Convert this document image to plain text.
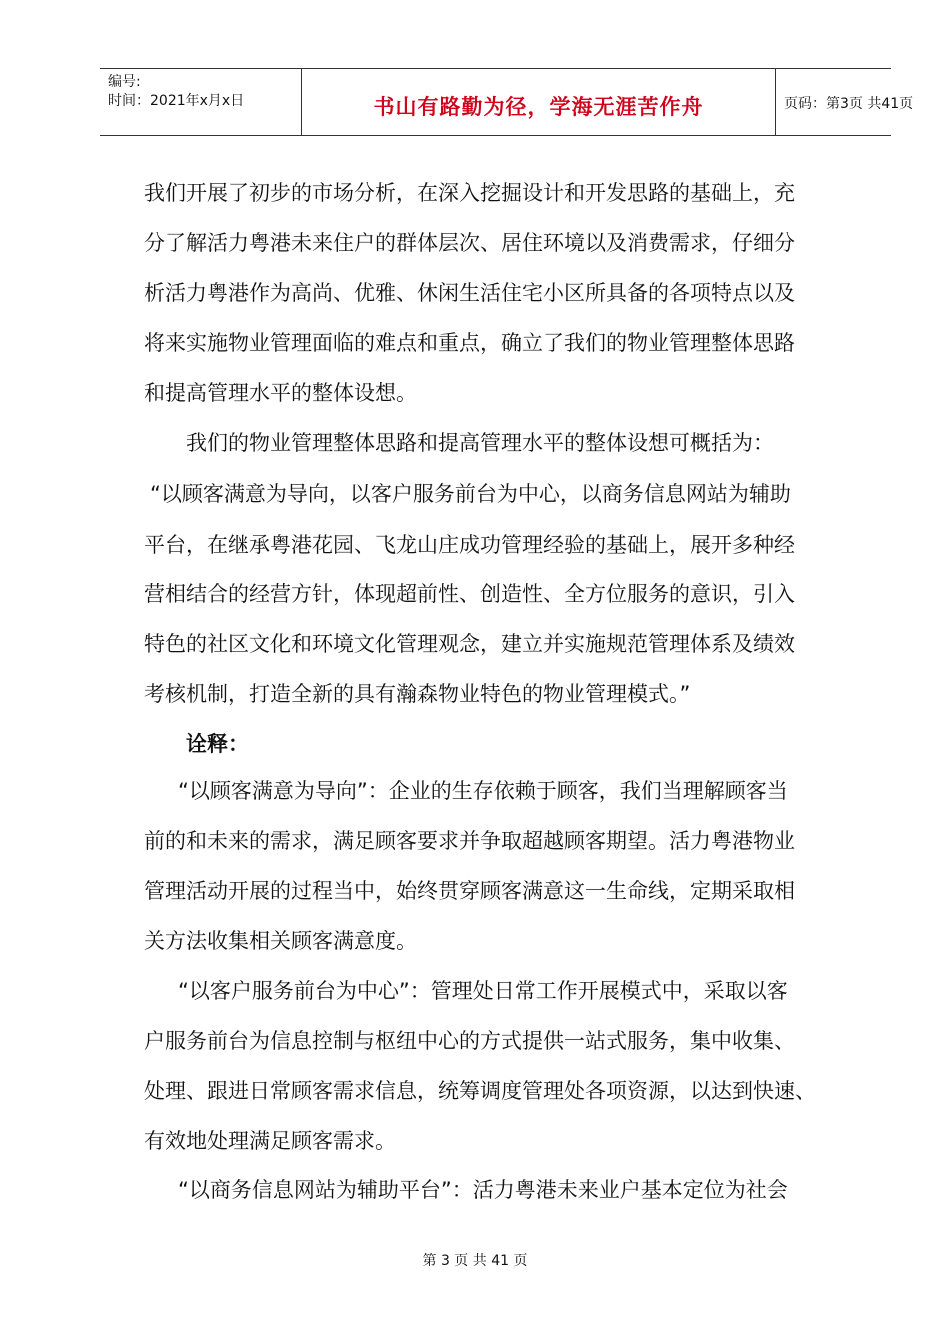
编号:
时间：2021年x月x日	书山有路勤为径，学海无涯苦作舟	页码：第3页 共41页
我们开展了初步的市场分析，在深入挖掘设计和开发思路的基础上，充
分了解活力粤港未来住户的群体层次、居住环境以及消费需求，仔细分
析活力粤港作为高尚、优雅、休闲生活住宅小区所具备的各项特点以及
将来实施物业管理面临的难点和重点，确立了我们的物业管理整体思路
和提高管理水平的整体设想。
我们的物业管理整体思路和提高管理水平的整体设想可概括为：
“以顾客满意为导向，以客户服务前台为中心，以商务信息网站为辅助
平台，在继承粤港花园、飞龙山庄成功管理经验的基础上，展开多种经
营相结合的经营方针，体现超前性、创造性、全方位服务的意识，引入
特色的社区文化和环境文化管理观念，建立并实施规范管理体系及绩效
考核机制，打造全新的具有瀚森物业特色的物业管理模式。”
诠释：
“以顾客满意为导向”：企业的生存依赖于顾客，我们当理解顾客当
前的和未来的需求，满足顾客要求并争取超越顾客期望。活力粤港物业
管理活动开展的过程当中，始终贯穿顾客满意这一生命线，定期采取相
关方法收集相关顾客满意度。
“以客户服务前台为中心”：管理处日常工作开展模式中，采取以客
户服务前台为信息控制与枢纽中心的方式提供一站式服务，集中收集、
处理、跟进日常顾客需求信息，统筹调度管理处各项资源，以达到快速、
有效地处理满足顾客需求。
“以商务信息网站为辅助平台”：活力粤港未来业户基本定位为社会
第 3 页 共 41 页
